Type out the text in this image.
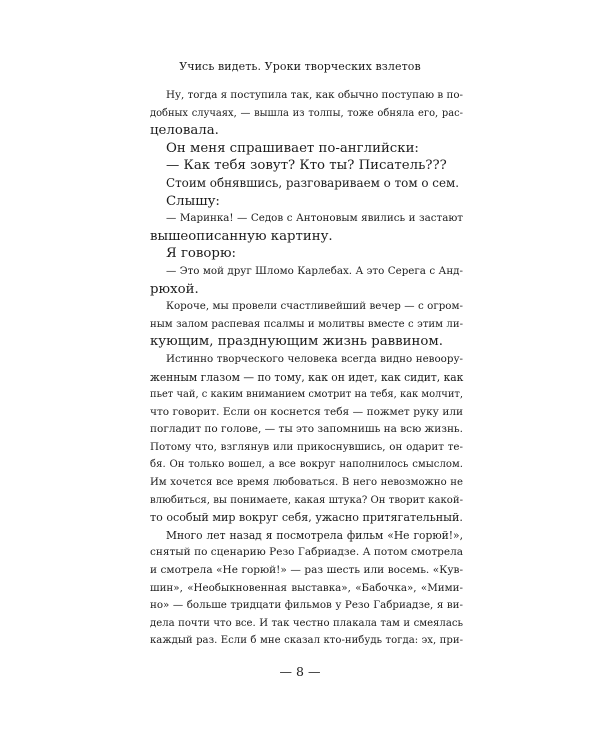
Учись видеть. Уроки творческих взлетов
Ну, тогда я поступила так, как обычно поступаю в по-
добных случаях, — вышла из толпы, тоже обняла его, рас-
целовала.
Он меня спрашивает по-английски:
— Как тебя зовут? Кто ты? Писатель???
Стоим обнявшись, разговариваем о том о сем.
Слышу:
— Маринка! — Седов с Антоновым явились и застают
вышеописанную картину.
Я говорю:
— Это мой друг Шломо Карлебах. А это Серега с Анд-
рюхой.
Короче, мы провели счастливейший вечер — с огром-
ным залом распевая псалмы и молитвы вместе с этим ли-
кующим, празднующим жизнь раввином.
Истинно творческого человека всегда видно невоору-
женным глазом — по тому, как он идет, как сидит, как
пьет чай, с каким вниманием смотрит на тебя, как молчит,
что говорит. Если он коснется тебя — пожмет руку или
погладит по голове, — ты это запомнишь на всю жизнь.
Потому что, взглянув или прикоснувшись, он одарит те-
бя. Он только вошел, а все вокруг наполнилось смыслом.
Им хочется все время любоваться. В него невозможно не
влюбиться, вы понимаете, какая штука? Он творит какой-
то особый мир вокруг себя, ужасно притягательный.
Много лет назад я посмотрела фильм «Не горюй!»,
снятый по сценарию Резо Габриадзе. А потом смотрела
и смотрела «Не горюй!» — раз шесть или восемь. «Кув-
шин», «Необыкновенная выставка», «Бабочка», «Мими-
но» — больше тридцати фильмов у Резо Габриадзе, я ви-
дела почти что все. И так честно плакала там и смеялась
каждый раз. Если б мне сказал кто-нибудь тогда: эх, при-
— 8 —
